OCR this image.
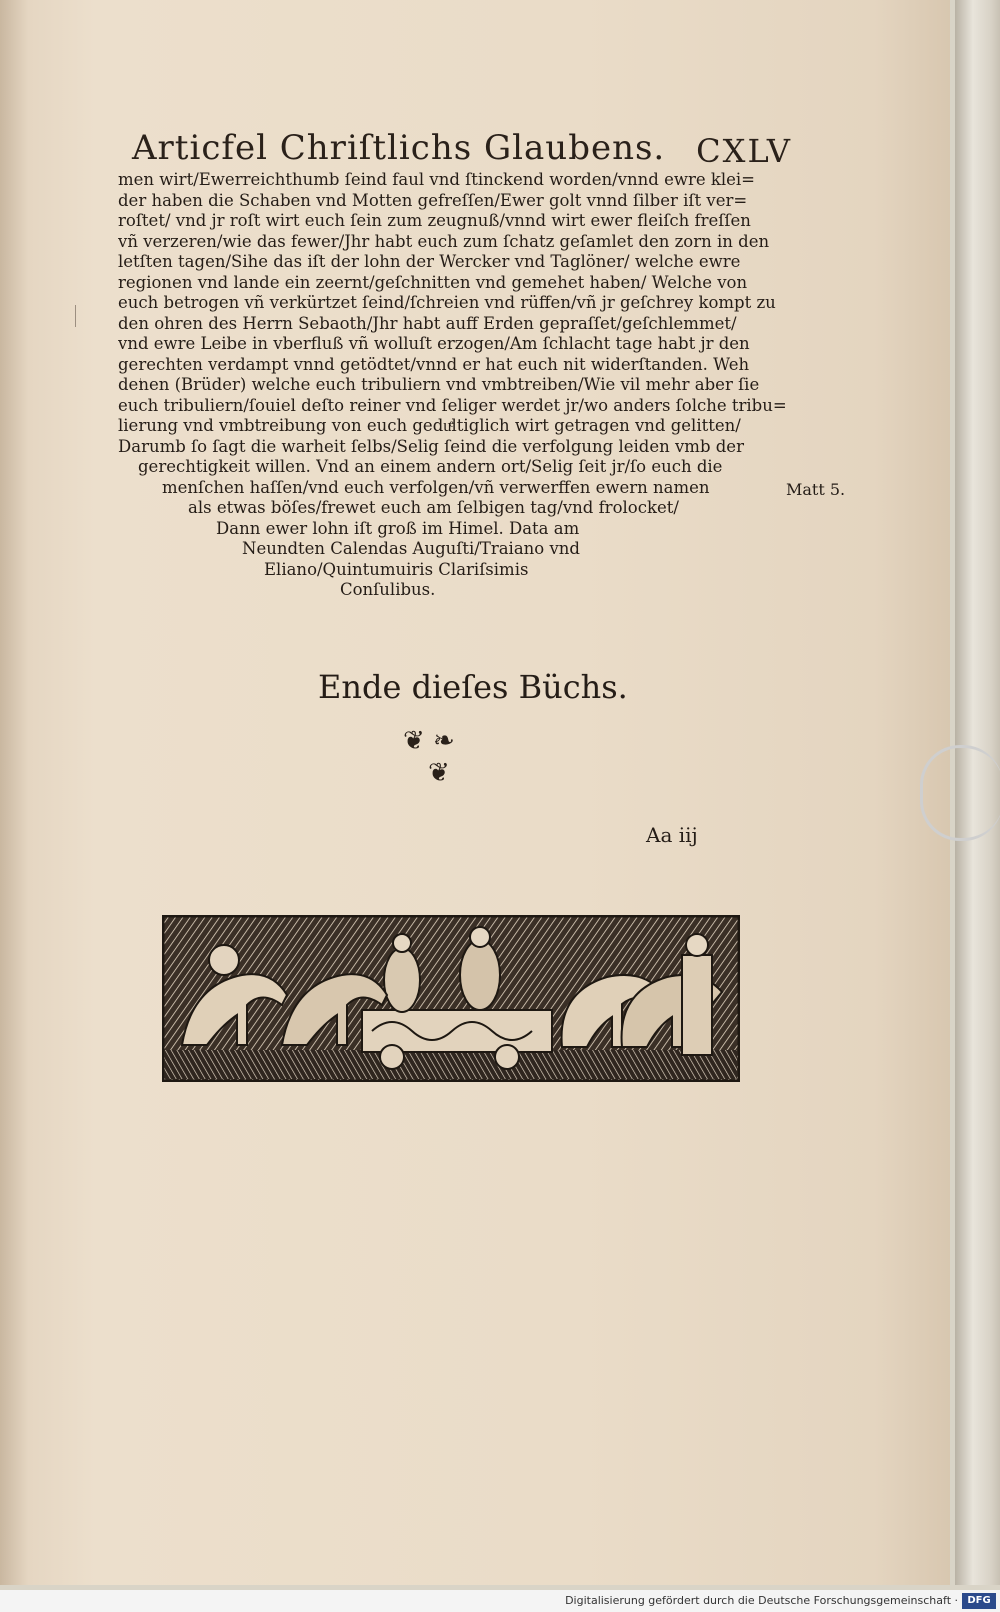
Articfel Chriſtlichs Glaubens. CXLV
men wirt/Ewerreichthumb ſeind faul vnd ſtinckend worden/vnnd ewre klei=
der haben die Schaben vnd Motten gefreſſen/Ewer golt vnnd ſilber iſt ver=
roſtet/ vnd jr roſt wirt euch ſein zum zeugnuß/vnnd wirt ewer fleiſch freſſen
vñ verzeren/wie das fewer/Jhr habt euch zum ſchatz geſamlet den zorn in den
letſten tagen/Sihe das iſt der lohn der Wercker vnd Taglöner/ welche ewre
regionen vnd lande ein zeernt/geſchnitten vnd gemehet haben/ Welche von
euch betrogen vñ verkürtzet ſeind/ſchreien vnd rüffen/vñ jr geſchrey kompt zu
den ohren des Herrn Sebaoth/Jhr habt auff Erden gepraſſet/geſchlemmet/
vnd ewre Leibe in vberfluß vñ wolluſt erzogen/Am ſchlacht tage habt jr den
gerechten verdampt vnnd getödtet/vnnd er hat euch nit widerſtanden. Weh
denen (Brüder) welche euch tribuliern vnd vmbtreiben/Wie vil mehr aber ſie
euch tribuliern/ſouiel deſto reiner vnd ſeliger werdet jr/wo anders ſolche tribu=
lierung vnd vmbtreibung von euch geduͤltiglich wirt getragen vnd gelitten/
Darumb ſo ſagt die warheit ſelbs/Selig ſeind die verfolgung leiden vmb der
gerechtigkeit willen. Vnd an einem andern ort/Selig ſeit jr/ſo euch die
menſchen haſſen/vnd euch verfolgen/vñ verwerffen ewern namen
als etwas böſes/frewet euch am ſelbigen tag/vnd frolocket/
Dann ewer lohn iſt groß im Himel. Data am
Neundten Calendas Auguſti/Traiano vnd
Eliano/Quintumuiris Clariſsimis
Conſulibus.
Matt 5.
Ende dieſes Büchs.
❦ ❧
❦
Aa iij
Digitalisierung gefördert durch die Deutsche Forschungsgemeinschaft · DFG
